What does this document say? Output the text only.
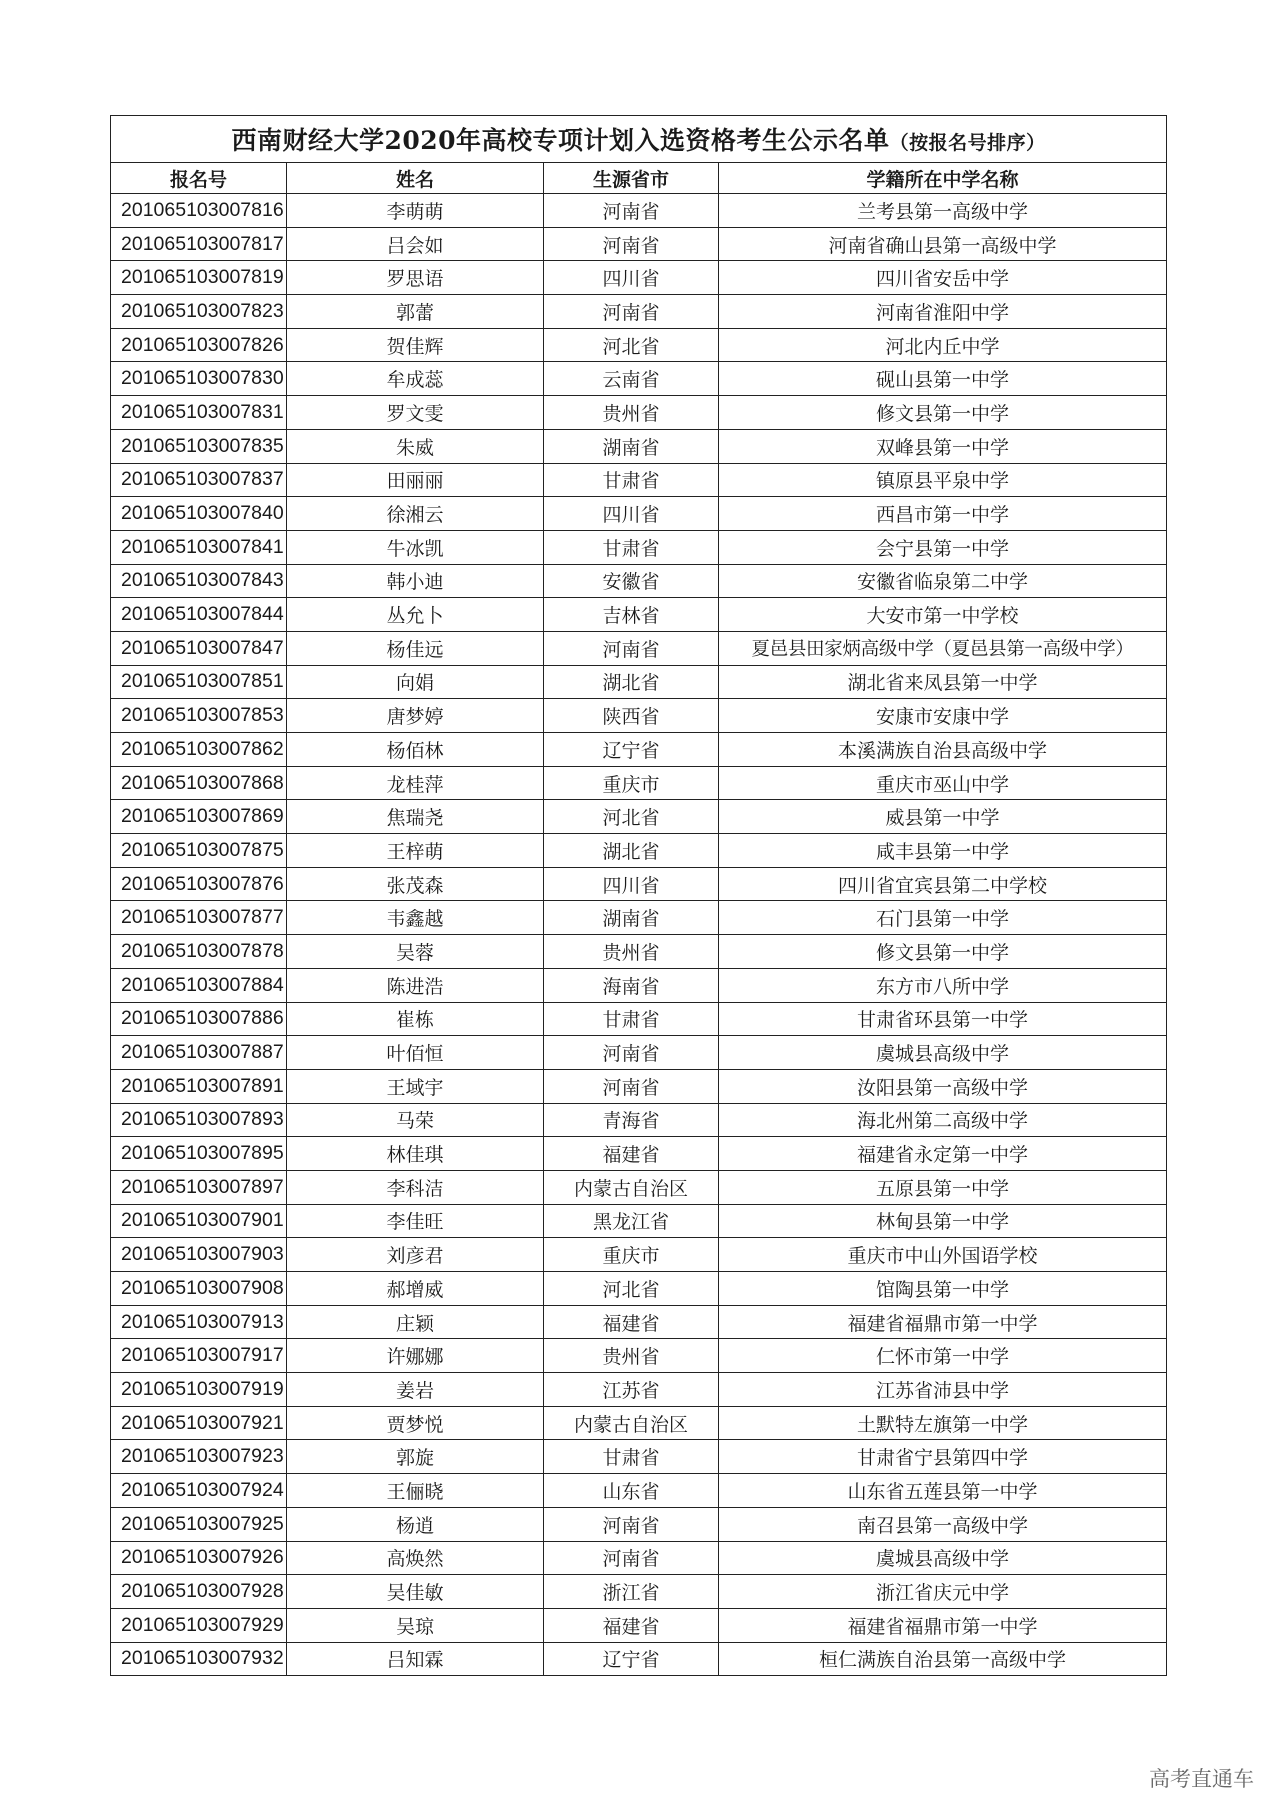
西南财经大学2020年高校专项计划入选资格考生公示名单（按报名号排序）			
报名号	姓名	生源省市	学籍所在中学名称
201065103007816	李萌萌	河南省	兰考县第一高级中学
201065103007817	吕会如	河南省	河南省确山县第一高级中学
201065103007819	罗思语	四川省	四川省安岳中学
201065103007823	郭蕾	河南省	河南省淮阳中学
201065103007826	贺佳辉	河北省	河北内丘中学
201065103007830	牟成蕊	云南省	砚山县第一中学
201065103007831	罗文雯	贵州省	修文县第一中学
201065103007835	朱威	湖南省	双峰县第一中学
201065103007837	田丽丽	甘肃省	镇原县平泉中学
201065103007840	徐湘云	四川省	西昌市第一中学
201065103007841	牛冰凯	甘肃省	会宁县第一中学
201065103007843	韩小迪	安徽省	安徽省临泉第二中学
201065103007844	丛允卜	吉林省	大安市第一中学校
201065103007847	杨佳远	河南省	夏邑县田家炳高级中学（夏邑县第一高级中学）
201065103007851	向娟	湖北省	湖北省来凤县第一中学
201065103007853	唐梦婷	陕西省	安康市安康中学
201065103007862	杨佰林	辽宁省	本溪满族自治县高级中学
201065103007868	龙桂萍	重庆市	重庆市巫山中学
201065103007869	焦瑞尧	河北省	威县第一中学
201065103007875	王梓萌	湖北省	咸丰县第一中学
201065103007876	张茂森	四川省	四川省宜宾县第二中学校
201065103007877	韦鑫越	湖南省	石门县第一中学
201065103007878	吴蓉	贵州省	修文县第一中学
201065103007884	陈进浩	海南省	东方市八所中学
201065103007886	崔栋	甘肃省	甘肃省环县第一中学
201065103007887	叶佰恒	河南省	虞城县高级中学
201065103007891	王域宇	河南省	汝阳县第一高级中学
201065103007893	马荣	青海省	海北州第二高级中学
201065103007895	林佳琪	福建省	福建省永定第一中学
201065103007897	李科洁	内蒙古自治区	五原县第一中学
201065103007901	李佳旺	黑龙江省	林甸县第一中学
201065103007903	刘彦君	重庆市	重庆市中山外国语学校
201065103007908	郝增威	河北省	馆陶县第一中学
201065103007913	庄颖	福建省	福建省福鼎市第一中学
201065103007917	许娜娜	贵州省	仁怀市第一中学
201065103007919	姜岩	江苏省	江苏省沛县中学
201065103007921	贾梦悦	内蒙古自治区	土默特左旗第一中学
201065103007923	郭旋	甘肃省	甘肃省宁县第四中学
201065103007924	王俪晓	山东省	山东省五莲县第一中学
201065103007925	杨逍	河南省	南召县第一高级中学
201065103007926	高焕然	河南省	虞城县高级中学
201065103007928	吴佳敏	浙江省	浙江省庆元中学
201065103007929	吴琼	福建省	福建省福鼎市第一中学
201065103007932	吕知霖	辽宁省	桓仁满族自治县第一高级中学
高考直通车
